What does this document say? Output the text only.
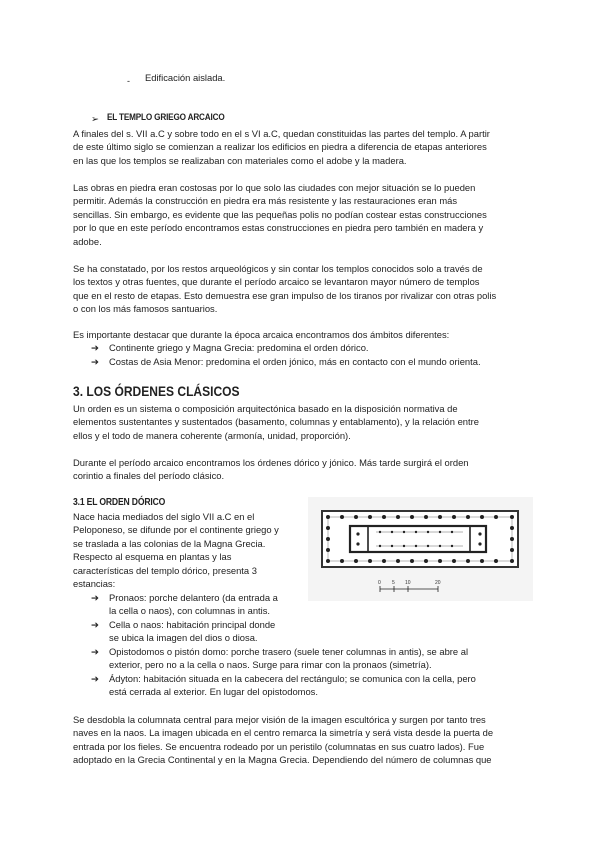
- Edificación aislada.
➢ EL TEMPLO GRIEGO ARCAICO
A finales del s. VII a.C y sobre todo en el s VI a.C, quedan constituidas las partes del templo. A partir
de este último siglo se comienzan a realizar los edificios en piedra a diferencia de etapas anteriores
en las que los templos se realizaban con materiales como el adobe y la madera.
Las obras en piedra eran costosas por lo que solo las ciudades con mejor situación se lo pueden
permitir. Además la construcción en piedra era más resistente y las restauraciones eran más
sencillas. Sin embargo, es evidente que las pequeñas polis no podían costear estas construcciones
por lo que en este período encontramos estas construcciones en piedra pero también en madera y
adobe.
Se ha constatado, por los restos arqueológicos y sin contar los templos conocidos solo a través de
los textos y otras fuentes, que durante el período arcaico se levantaron mayor número de templos
que en el resto de etapas. Esto demuestra ese gran impulso de los tiranos por rivalizar con otras polis
o con los más famosos santuarios.
Es importante destacar que durante la época arcaica encontramos dos ámbitos diferentes:
➔ Continente griego y Magna Grecia: predomina el orden dórico.
➔ Costas de Asia Menor: predomina el orden jónico, más en contacto con el mundo orienta.
3. LOS ÓRDENES CLÁSICOS
Un orden es un sistema o composición arquitectónica basado en la disposición normativa de
elementos sustentantes y sustentados (basamento, columnas y entablamento), y la relación entre
ellos y el todo de manera coherente (armonía, unidad, proporción).
Durante el período arcaico encontramos los órdenes dórico y jónico. Más tarde surgirá el orden
corintio a finales del período clásico.
3.1 EL ORDEN DÓRICO
Nace hacia mediados del siglo VII a.C en el
Peloponeso, se difunde por el continente griego y
se traslada a las colonias de la Magna Grecia.
Respecto al esquema en plantas y las
características del templo dórico, presenta 3
estancias:
➔ Pronaos: porche delantero (da entrada a
la cella o naos), con columnas in antis.
➔ Cella o naos: habitación principal donde
se ubica la imagen del dios o diosa.
➔ Opistodomos o pistón domo: porche trasero (suele tener columnas in antis), se abre al
exterior, pero no a la cella o naos. Surge para rimar con la pronaos (simetría).
➔ Ádyton: habitación situada en la cabecera del rectángulo; se comunica con la cella, pero
está cerrada al exterior. En lugar del opistodomos.
Se desdobla la columnata central para mejor visión de la imagen escultórica y surgen por tanto tres
naves en la naos. La imagen ubicada en el centro remarca la simetría y será vista desde la puerta de
entrada por los fieles. Se encuentra rodeado por un peristilo (columnatas en sus cuatro lados). Fue
adoptado en la Grecia Continental y en la Magna Grecia. Dependiendo del número de columnas que
0 5 10	20
